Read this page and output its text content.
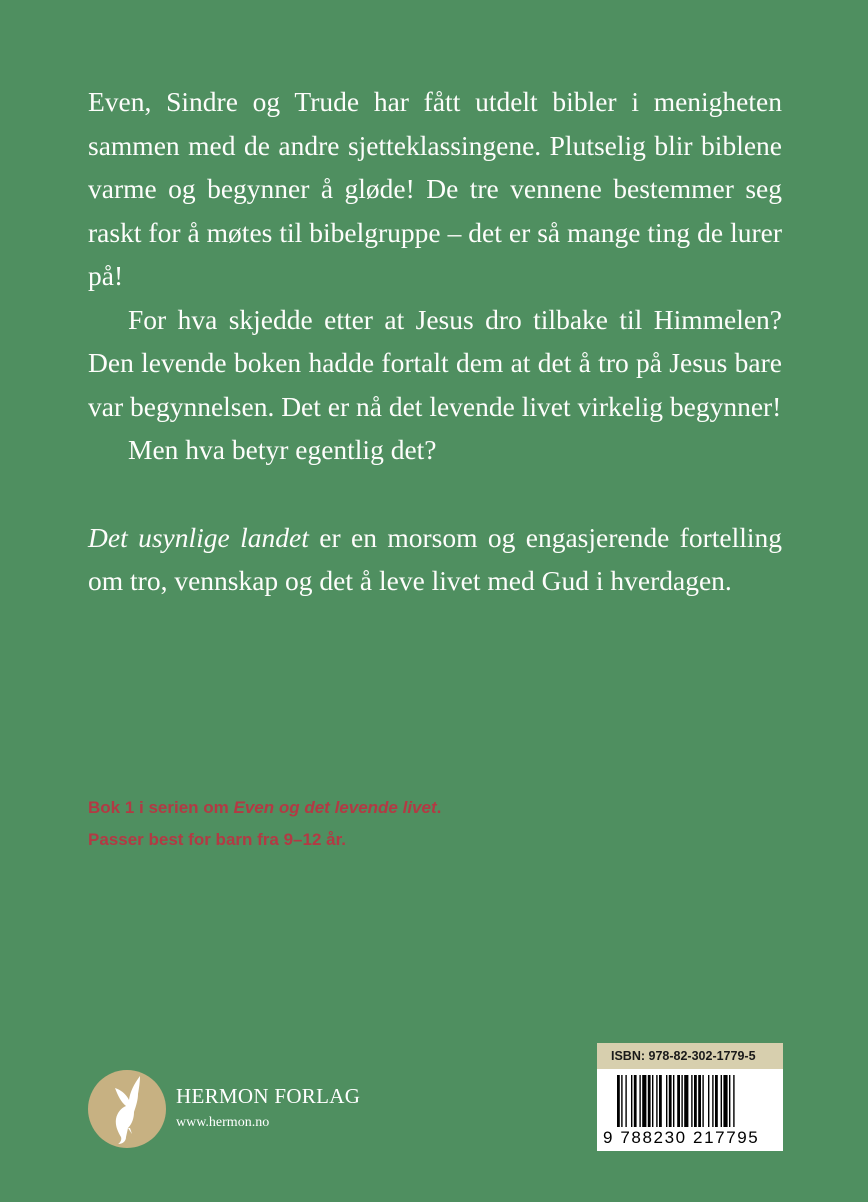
Even, Sindre og Trude har fått utdelt bibler i menigheten sammen med de andre sjetteklassingene. Plutselig blir biblene varme og begynner å gløde! De tre vennene bestemmer seg raskt for å møtes til bibelgruppe – det er så mange ting de lurer på!

For hva skjedde etter at Jesus dro tilbake til Himmelen? Den levende boken hadde fortalt dem at det å tro på Jesus bare var begynnelsen. Det er nå det levende livet virkelig begynner!

Men hva betyr egentlig det?

Det usynlige landet er en morsom og engasjerende fortelling om tro, vennskap og det å leve livet med Gud i hverdagen.

Bok 1 i serien om Even og det levende livet.
Passer best for barn fra 9–12 år.
HERMON FORLAG
www.hermon.no
ISBN: 978-82-302-1779-5
9 788230 217795
